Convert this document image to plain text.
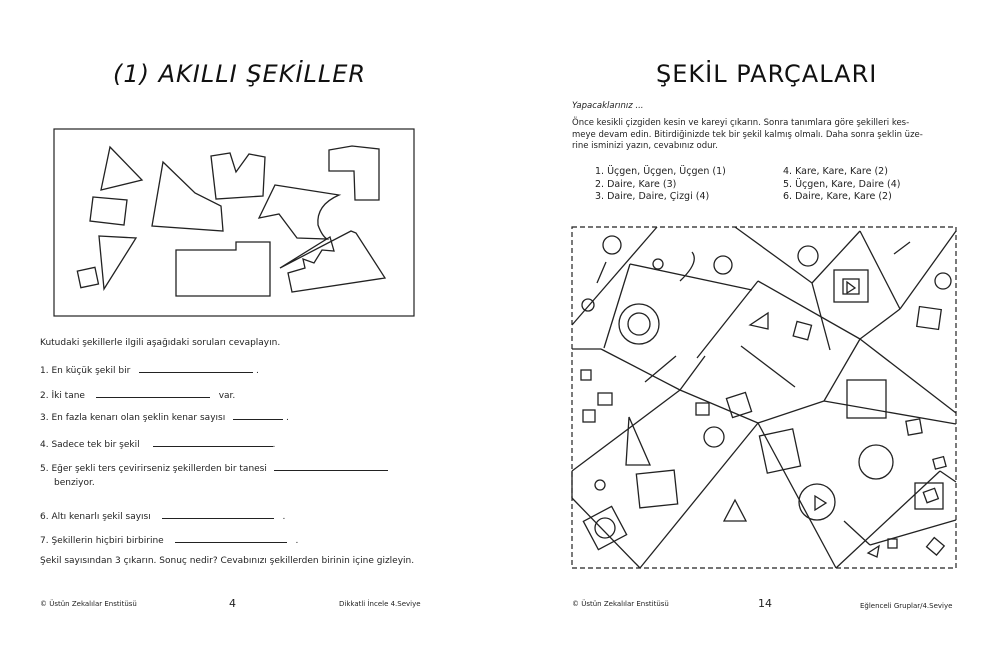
(1) AKILLI ŞEKİLLER
Kutudaki şekillerle ilgili aşağıdaki soruları cevaplayın.
1. En küçük şekil bir	.
2. İki tane	var.
3. En fazla kenarı olan şeklin kenar sayısı	.
4. Sadece tek bir şekil	.
5. Eğer şekli ters çevirirseniz şekillerden bir tanesi
benziyor.
6. Altı kenarlı şekil sayısı	.
7. Şekillerin hiçbiri birbirine	.
Şekil sayısından 3 çıkarın. Sonuç nedir? Cevabınızı şekillerden birinin içine gizleyin.
© Üstün Zekalılar Enstitüsü	4	Dikkatli İncele 4.Seviye
ŞEKİL PARÇALARI
Yapacaklarınız ...
Önce kesikli çizgiden kesin ve kareyi çıkarın. Sonra tanımlara göre şekilleri kes-
meye devam edin. Bitirdiğinizde tek bir şekil kalmış olmalı. Daha sonra şeklin üze-
rine isminizi yazın, cevabınız odur.
1. Üçgen, Üçgen, Üçgen (1)
2. Daire, Kare (3)
3. Daire, Daire, Çizgi (4)
4. Kare, Kare, Kare (2)
5. Üçgen, Kare, Daire (4)
6. Daire, Kare, Kare (2)
© Üstün Zekalılar Enstitüsü	14	Eğlenceli Gruplar/4.Seviye
